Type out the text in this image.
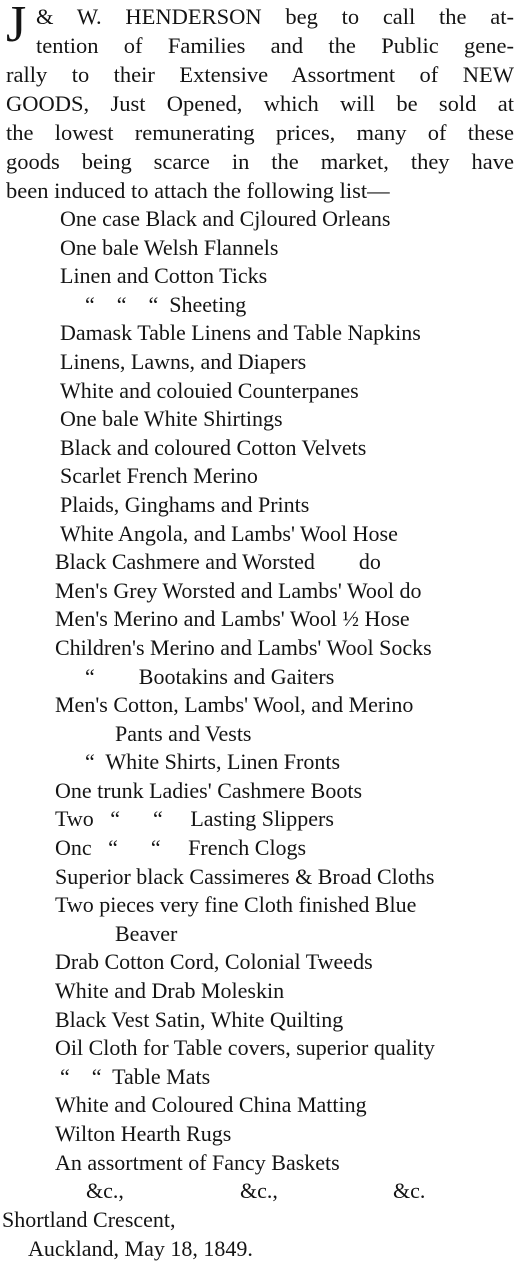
J & W. HENDERSON beg to call the at-
tention of Families and the Public gene-
rally to their Extensive Assortment of NEW
GOODS, Just Opened, which will be sold at
the lowest remunerating prices, many of these
goods being scarce in the market, they have
been induced to attach the following list—
One case Black and Cjloured Orleans
One bale Welsh Flannels
Linen and Cotton Ticks
“    “    “  Sheeting
Damask Table Linens and Table Napkins
Linens, Lawns, and Diapers
White and colouied Counterpanes
One bale White Shirtings
Black and coloured Cotton Velvets
Scarlet French Merino
Plaids, Ginghams and Prints
White Angola, and Lambs' Wool Hose
Black Cashmere and Worsted        do
Men's Grey Worsted and Lambs' Wool do
Men's Merino and Lambs' Wool ½ Hose
Children's Merino and Lambs' Wool Socks
“        Bootakins and Gaiters
Men's Cotton, Lambs' Wool, and Merino
Pants and Vests
“  White Shirts, Linen Fronts
One trunk Ladies' Cashmere Boots
Two   “      “     Lasting Slippers
Onc   “      “     French Clogs
Superior black Cassimeres & Broad Cloths
Two pieces very fine Cloth finished Blue
Beaver
Drab Cotton Cord, Colonial Tweeds
White and Drab Moleskin
Black Vest Satin, White Quilting
Oil Cloth for Table covers, superior quality
“    “  Table Mats
White and Coloured China Matting
Wilton Hearth Rugs
An assortment of Fancy Baskets
&c.,	&c.,	&c.
Shortland Crescent,
Auckland, May 18, 1849.
